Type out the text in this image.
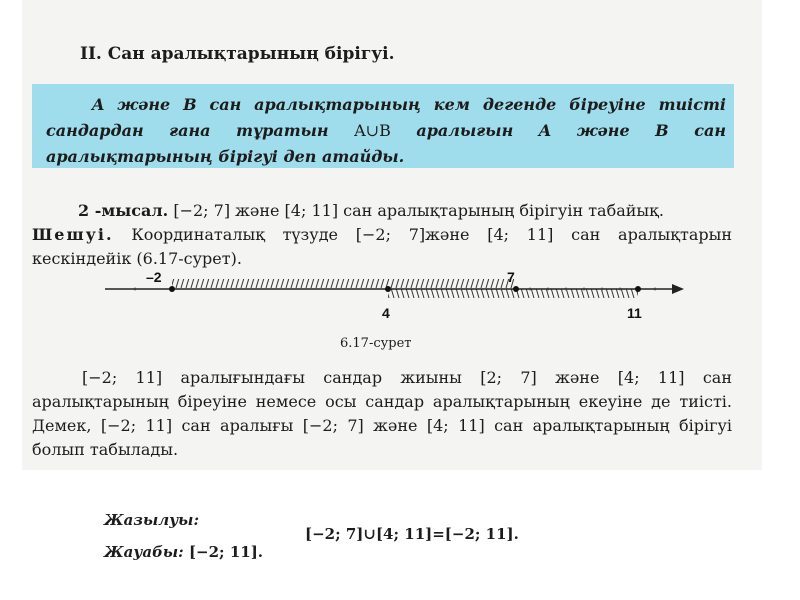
II. Сан аралықтарының бірігуі.
A және B сан аралықтарының кем дегенде біреуіне тиісті сандардан ғана тұратын A∪B аралығын A және B сан аралықтарының бірігуі деп атайды.
2 -мысал. [−2; 7] және [4; 11] сан аралықтарының бірігуін табайық.
Шешуі. Координаталық түзуде [−2; 7]және [4; 11] сан аралықтарын кескіндейік (6.17-сурет).
–2	7
4	11
6.17-сурет

[−2; 11] аралығындағы сандар жиыны [2; 7] және [4; 11] сан аралықтарының біреуіне немесе осы сандар аралықтарының екеуіне де тиісті. Демек, [−2; 11] сан аралығы [−2; 7] және [4; 11] сан аралықтарының бірігуі болып табылады.

Жазылуы:
[−2; 7]∪[4; 11]=[−2; 11].
Жауабы: [−2; 11].
